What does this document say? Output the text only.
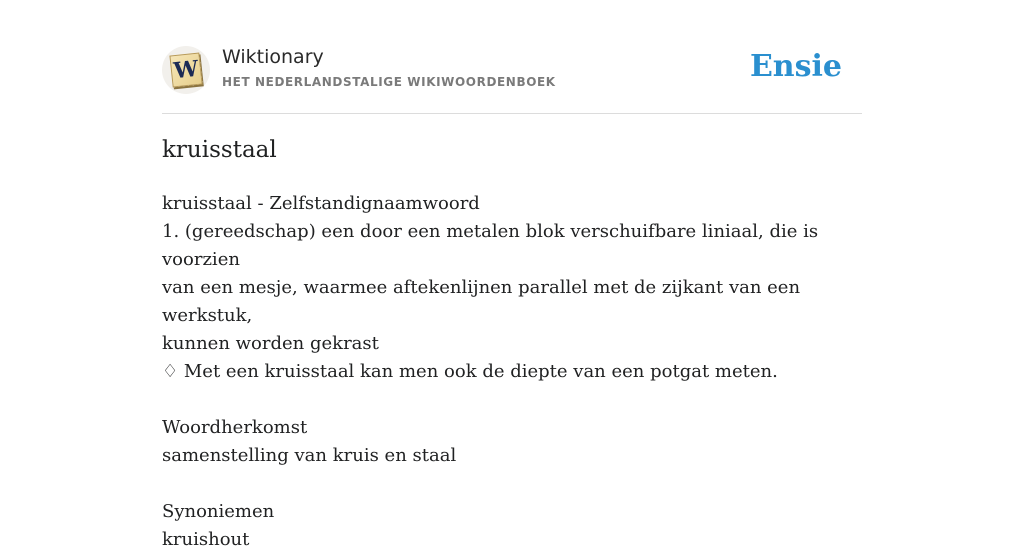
W Wiktionary
HET NEDERLANDSTALIGE WIKIWOORDENBOEK	Ensie
kruisstaal
kruisstaal - Zelfstandignaamwoord
1. (gereedschap) een door een metalen blok verschuifbare liniaal, die is voorzien
van een mesje, waarmee aftekenlijnen parallel met de zijkant van een werkstuk,
kunnen worden gekrast
♢ Met een kruisstaal kan men ook de diepte van een potgat meten.
Woordherkomst
samenstelling van kruis en staal
Synoniemen
kruishout
